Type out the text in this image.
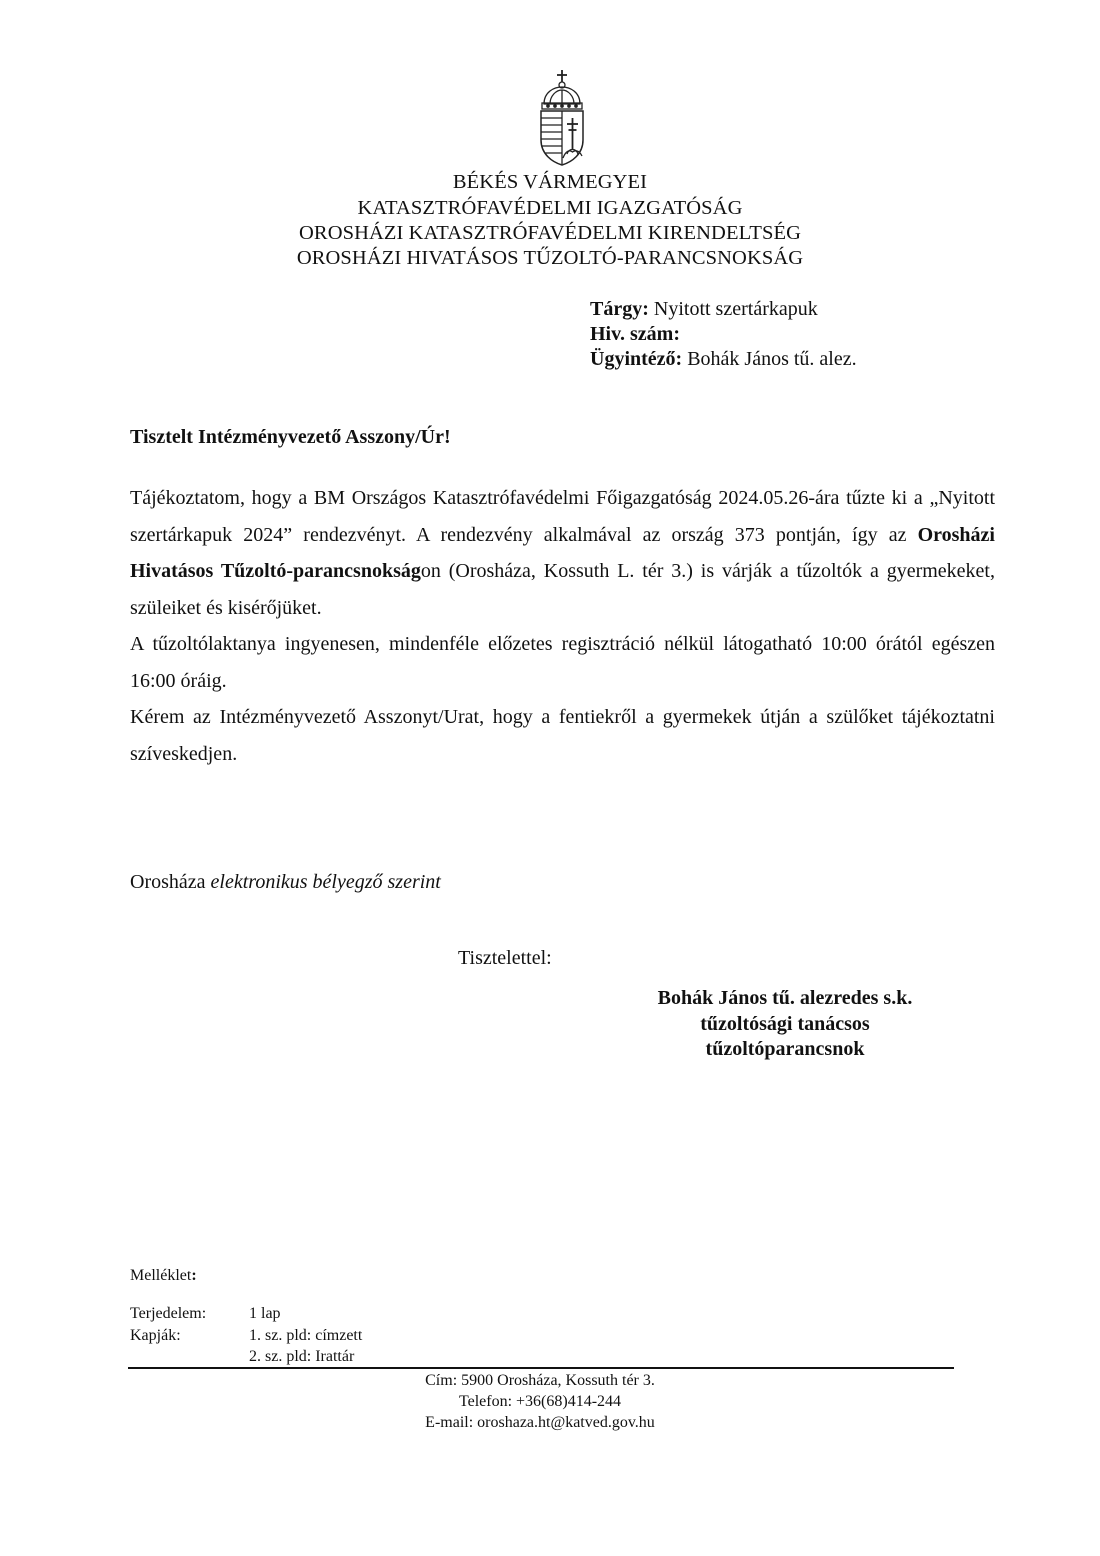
BÉKÉS VÁRMEGYEI
KATASZTRÓFAVÉDELMI IGAZGATÓSÁG
OROSHÁZI KATASZTRÓFAVÉDELMI KIRENDELTSÉG
OROSHÁZI HIVATÁSOS TŰZOLTÓ-PARANCSNOKSÁG
Tárgy: Nyitott szertárkapuk
Hiv. szám:
Ügyintéző: Bohák János tű. alez.
Tisztelt Intézményvezető Asszony/Úr!

Tájékoztatom, hogy a BM Országos Katasztrófavédelmi Főigazgatóság 2024.05.26-ára tűzte ki a „Nyitott szertárkapuk 2024” rendezvényt. A rendezvény alkalmával az ország 373 pontján, így az Orosházi Hivatásos Tűzoltó-parancsnokságon (Orosháza, Kossuth L. tér 3.) is várják a tűzoltók a gyermekeket, szüleiket és kisérőjüket.

A tűzoltólaktanya ingyenesen, mindenféle előzetes regisztráció nélkül látogatható 10:00 órától egészen 16:00 óráig.

Kérem az Intézményvezető Asszonyt/Urat, hogy a fentiekről a gyermekek útján a szülőket tájékoztatni szíveskedjen.

Orosháza elektronikus bélyegző szerint
Tisztelettel:
Bohák János tű. alezredes s.k.
tűzoltósági tanácsos
tűzoltóparancsnok
Melléklet:
Terjedelem:	1 lap
Kapják:	1. sz. pld: címzett
2. sz. pld: Irattár
Cím: 5900 Orosháza, Kossuth tér 3.
Telefon: +36(68)414-244
E-mail: oroshaza.ht@katved.gov.hu
